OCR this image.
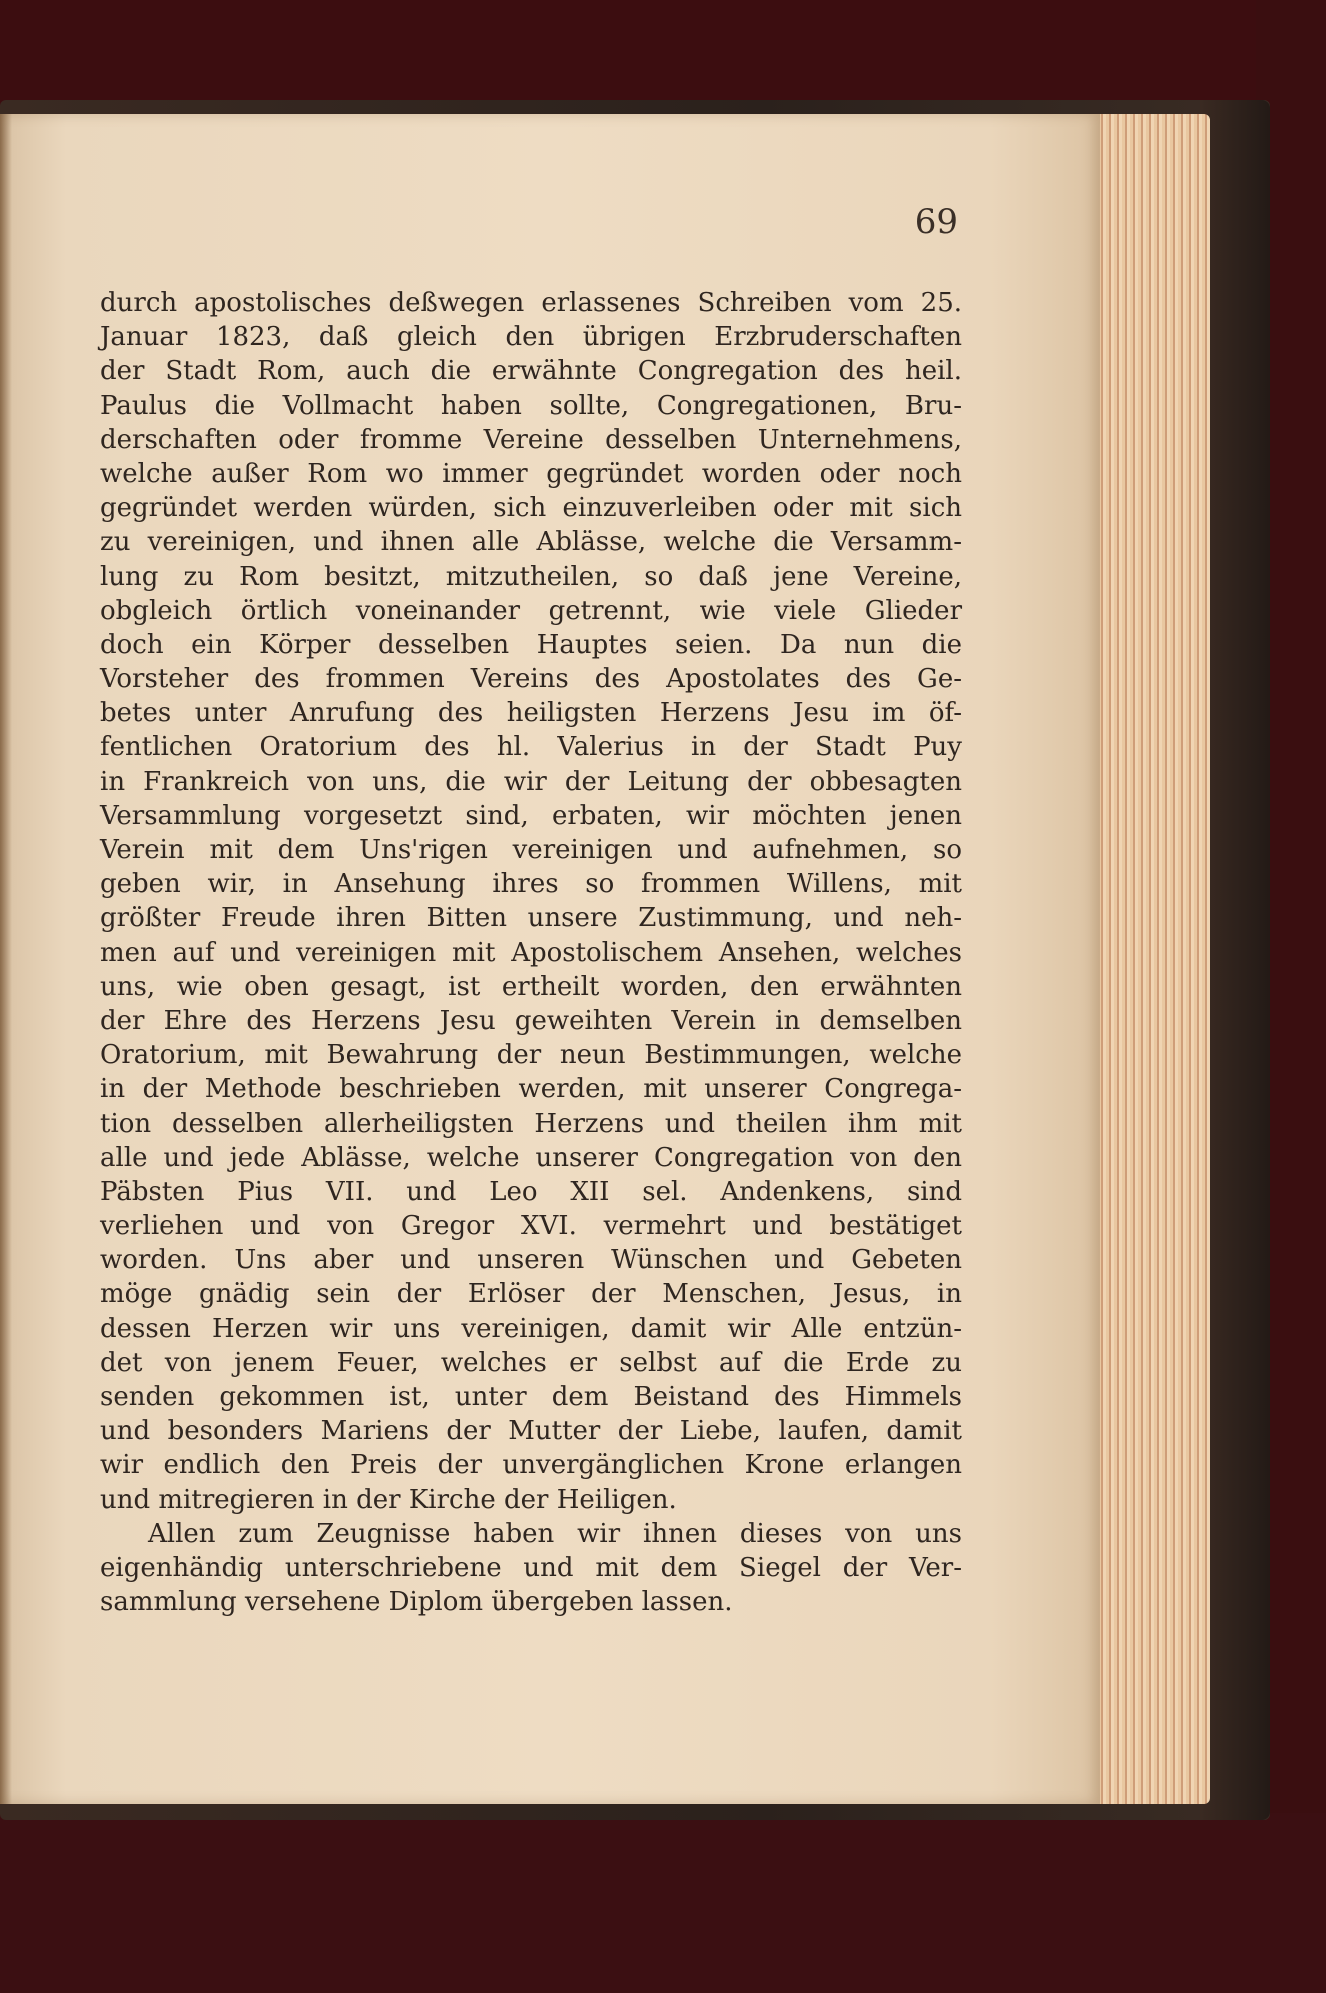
69
durch apostolisches deßwegen erlassenes Schreiben vom 25.
Januar 1823, daß gleich den übrigen Erzbruderschaften
der Stadt Rom, auch die erwähnte Congregation des heil.
Paulus die Vollmacht haben sollte, Congregationen, Bru-
derschaften oder fromme Vereine desselben Unternehmens,
welche außer Rom wo immer gegründet worden oder noch
gegründet werden würden, sich einzuverleiben oder mit sich
zu vereinigen, und ihnen alle Ablässe, welche die Versamm-
lung zu Rom besitzt, mitzutheilen, so daß jene Vereine,
obgleich örtlich voneinander getrennt, wie viele Glieder
doch ein Körper desselben Hauptes seien. Da nun die
Vorsteher des frommen Vereins des Apostolates des Ge-
betes unter Anrufung des heiligsten Herzens Jesu im öf-
fentlichen Oratorium des hl. Valerius in der Stadt Puy
in Frankreich von uns, die wir der Leitung der obbesagten
Versammlung vorgesetzt sind, erbaten, wir möchten jenen
Verein mit dem Uns'rigen vereinigen und aufnehmen, so
geben wir, in Ansehung ihres so frommen Willens, mit
größter Freude ihren Bitten unsere Zustimmung, und neh-
men auf und vereinigen mit Apostolischem Ansehen, welches
uns, wie oben gesagt, ist ertheilt worden, den erwähnten
der Ehre des Herzens Jesu geweihten Verein in demselben
Oratorium, mit Bewahrung der neun Bestimmungen, welche
in der Methode beschrieben werden, mit unserer Congrega-
tion desselben allerheiligsten Herzens und theilen ihm mit
alle und jede Ablässe, welche unserer Congregation von den
Päbsten Pius VII. und Leo XII sel. Andenkens, sind
verliehen und von Gregor XVI. vermehrt und bestätiget
worden. Uns aber und unseren Wünschen und Gebeten
möge gnädig sein der Erlöser der Menschen, Jesus, in
dessen Herzen wir uns vereinigen, damit wir Alle entzün-
det von jenem Feuer, welches er selbst auf die Erde zu
senden gekommen ist, unter dem Beistand des Himmels
und besonders Mariens der Mutter der Liebe, laufen, damit
wir endlich den Preis der unvergänglichen Krone erlangen
und mitregieren in der Kirche der Heiligen.
Allen zum Zeugnisse haben wir ihnen dieses von uns
eigenhändig unterschriebene und mit dem Siegel der Ver-
sammlung versehene Diplom übergeben lassen.
